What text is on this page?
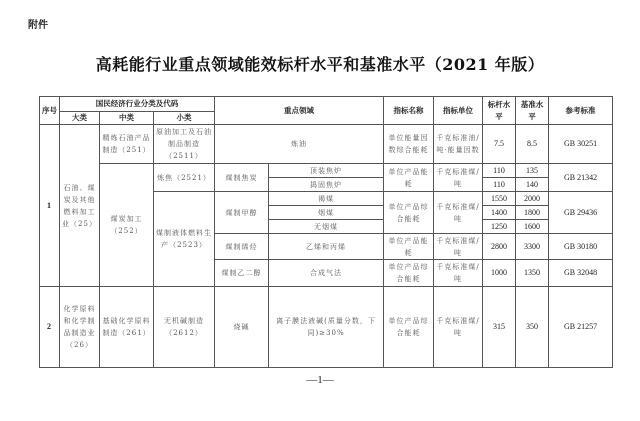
附件
高耗能行业重点领域能效标杆水平和基准水平（2021 年版）
序号	国民经济行业分类及代码			重点领域		指标名称	指标单位	标杆水平	基准水平	参考标准
	大类	中类	小类							
1	石油、煤炭及其他燃料加工业（25）	精炼石油产品制造（251）	原油加工及石油制品制造（2511）	炼油		单位能量因数综合能耗	千克标准油/吨·能量因数	7.5	8.5	GB 30251
		煤炭加工（252）	炼焦（2521）	煤制焦炭	顶装焦炉	单位产品能耗	千克标准煤/吨	110	135	GB 21342
					捣固焦炉			110	140	
			煤制液体燃料生产（2523）	煤制甲醇	褐煤	单位产品综合能耗	千克标准煤/吨	1550	2000	GB 29436
					烟煤			1400	1800	
					无烟煤			1250	1600	
				煤制烯烃	乙烯和丙烯	单位产品能耗	千克标准煤/吨	2800	3300	GB 30180
				煤制乙二醇	合成气法	单位产品综合能耗	千克标准煤/吨	1000	1350	GB 32048
2	化学原料和化学制品制造业（26）	基础化学原料制造（261）	无机碱制造（2612）	烧碱	离子膜法液碱(质量分数，下同)≥30%	单位产品综合能耗	千克标准煤/吨	315	350	GB 21257
—1—
